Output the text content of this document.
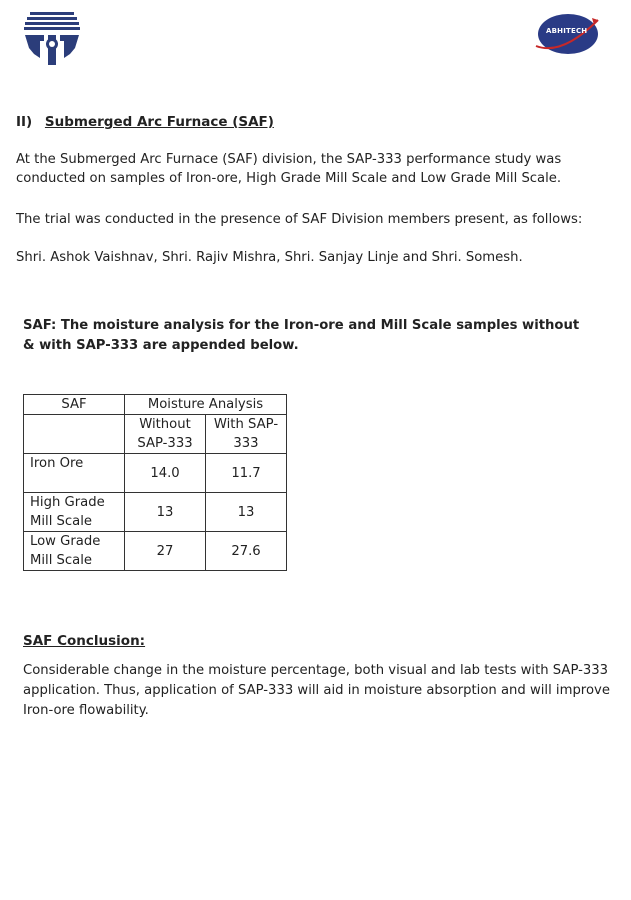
ABHITECH
II) Submerged Arc Furnace (SAF)
At the Submerged Arc Furnace (SAF) division, the SAP-333 performance study was conducted on samples of Iron-ore, High Grade Mill Scale and Low Grade Mill Scale.
The trial was conducted in the presence of SAF Division members present, as follows:
Shri. Ashok Vaishnav, Shri. Rajiv Mishra, Shri. Sanjay Linje and Shri. Somesh.
SAF: The moisture analysis for the Iron-ore and Mill Scale samples without & with SAP-333 are appended below.
SAF	Moisture Analysis	
	Without SAP-333	With SAP-333
Iron Ore	14.0	11.7
High Grade Mill Scale	13	13
Low Grade Mill Scale	27	27.6
SAF Conclusion:
Considerable change in the moisture percentage, both visual and lab tests with SAP-333 application. Thus, application of SAP-333 will aid in moisture absorption and will improve Iron-ore flowability.
